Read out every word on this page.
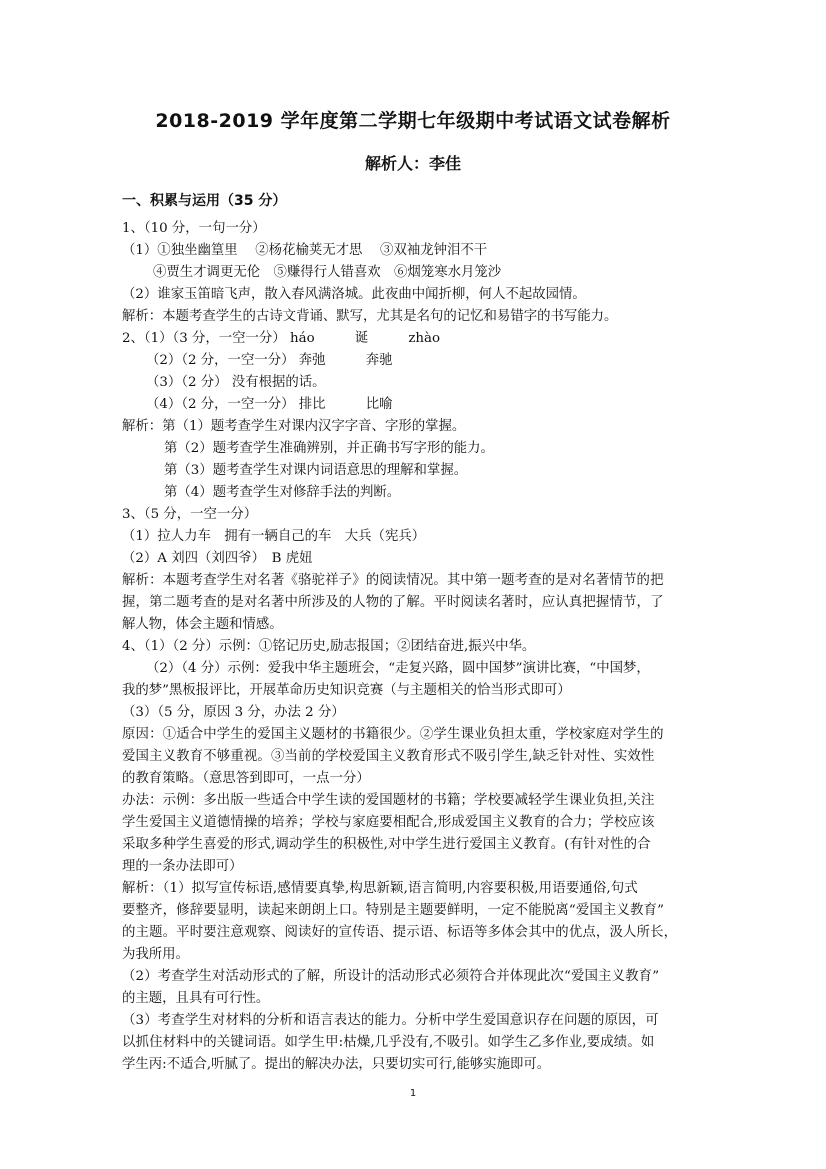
2018-2019 学年度第二学期七年级期中考试语文试卷解析
解析人：李佳
一、积累与运用（35 分）
1、（10 分，一句一分）
（1）①独坐幽篁里　 ②杨花榆荚无才思　 ③双袖龙钟泪不干
④贾生才调更无伦　⑤赚得行人错喜欢　⑥烟笼寒水月笼沙
（2）谁家玉笛暗飞声，散入春风满洛城。此夜曲中闻折柳，何人不起故园情。
解析：本题考查学生的古诗文背诵、默写，尤其是名句的记忆和易错字的书写能力。
2、（1）（3 分，一空一分） háo　　　诞　　　zhào
（2）（2 分，一空一分） 奔弛　　　奔驰
（3）（2 分） 没有根据的话。
（4）（2 分，一空一分） 排比　　　比喻
解析：第（1）题考查学生对课内汉字字音、字形的掌握。
第（2）题考查学生准确辨别，并正确书写字形的能力。
第（3）题考查学生对课内词语意思的理解和掌握。
第（4）题考查学生对修辞手法的判断。
3、（5 分，一空一分）
（1）拉人力车　拥有一辆自己的车　大兵（宪兵）
（2）A 刘四（刘四爷）　B 虎妞
解析：本题考查学生对名著《骆驼祥子》的阅读情况。其中第一题考查的是对名著情节的把
握，第二题考查的是对名著中所涉及的人物的了解。平时阅读名著时，应认真把握情节，了
解人物，体会主题和情感。
4、（1）（2 分）示例：①铭记历史,励志报国；②团结奋进,振兴中华。
（2）（4 分）示例：爱我中华主题班会，“走复兴路，圆中国梦”演讲比赛，“中国梦，
我的梦”黑板报评比，开展革命历史知识竞赛（与主题相关的恰当形式即可）
（3）（5 分，原因 3 分，办法 2 分）
原因：①适合中学生的爱国主义题材的书籍很少。②学生课业负担太重，学校家庭对学生的
爱国主义教育不够重视。③当前的学校爱国主义教育形式不吸引学生,缺乏针对性、实效性
的教育策略。（意思答到即可，一点一分）
办法：示例：多出版一些适合中学生读的爱国题材的书籍；学校要减轻学生课业负担,关注
学生爱国主义道德情操的培养；学校与家庭要相配合,形成爱国主义教育的合力；学校应该
采取多种学生喜爱的形式,调动学生的积极性,对中学生进行爱国主义教育。(有针对性的合
理的一条办法即可）
解析：（1）拟写宣传标语,感情要真挚,构思新颖,语言简明,内容要积极,用语要通俗,句式
要整齐，修辞要显明，读起来朗朗上口。特别是主题要鲜明，一定不能脱离“爱国主义教育”
的主题。平时要注意观察、阅读好的宣传语、提示语、标语等多体会其中的优点，汲人所长，
为我所用。
（2）考查学生对活动形式的了解，所设计的活动形式必须符合并体现此次“爱国主义教育”
的主题，且具有可行性。
（3）考查学生对材料的分析和语言表达的能力。分析中学生爱国意识存在问题的原因，可
以抓住材料中的关键词语。如学生甲:枯燥,几乎没有,不吸引。如学生乙多作业,要成绩。如
学生丙:不适合,听腻了。提出的解决办法，只要切实可行,能够实施即可。
1
